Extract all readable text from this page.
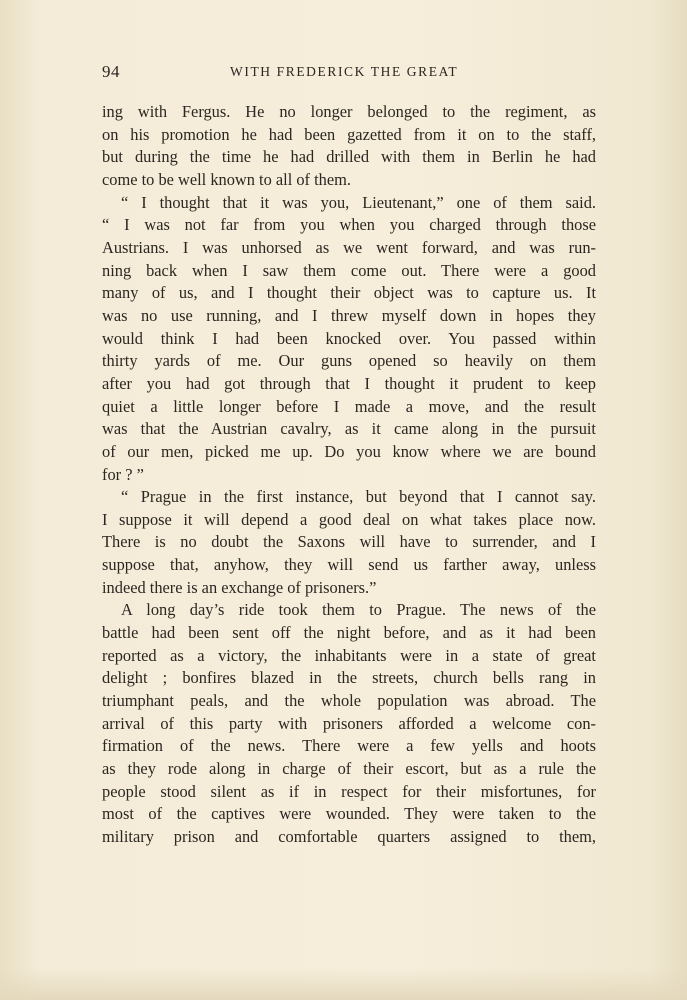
94	WITH FREDERICK THE GREAT

ing with Fergus. He no longer belonged to the regiment, as

on his promotion he had been gazetted from it on to the staff,

but during the time he had drilled with them in Berlin he had

come to be well known to all of them.

“ I thought that it was you, Lieutenant,” one of them said.

“ I was not far from you when you charged through those

Austrians. I was unhorsed as we went forward, and was run-

ning back when I saw them come out. There were a good

many of us, and I thought their object was to capture us. It

was no use running, and I threw myself down in hopes they

would think I had been knocked over. You passed within

thirty yards of me. Our guns opened so heavily on them

after you had got through that I thought it prudent to keep

quiet a little longer before I made a move, and the result

was that the Austrian cavalry, as it came along in the pursuit

of our men, picked me up. Do you know where we are bound

for ? ”

“ Prague in the first instance, but beyond that I cannot say.

I suppose it will depend a good deal on what takes place now.

There is no doubt the Saxons will have to surrender, and I

suppose that, anyhow, they will send us farther away, unless

indeed there is an exchange of prisoners.”

A long day’s ride took them to Prague. The news of the

battle had been sent off the night before, and as it had been

reported as a victory, the inhabitants were in a state of great

delight ; bonfires blazed in the streets, church bells rang in

triumphant peals, and the whole population was abroad. The

arrival of this party with prisoners afforded a welcome con-

firmation of the news. There were a few yells and hoots

as they rode along in charge of their escort, but as a rule the

people stood silent as if in respect for their misfortunes, for

most of the captives were wounded. They were taken to the

military prison and comfortable quarters assigned to them,
